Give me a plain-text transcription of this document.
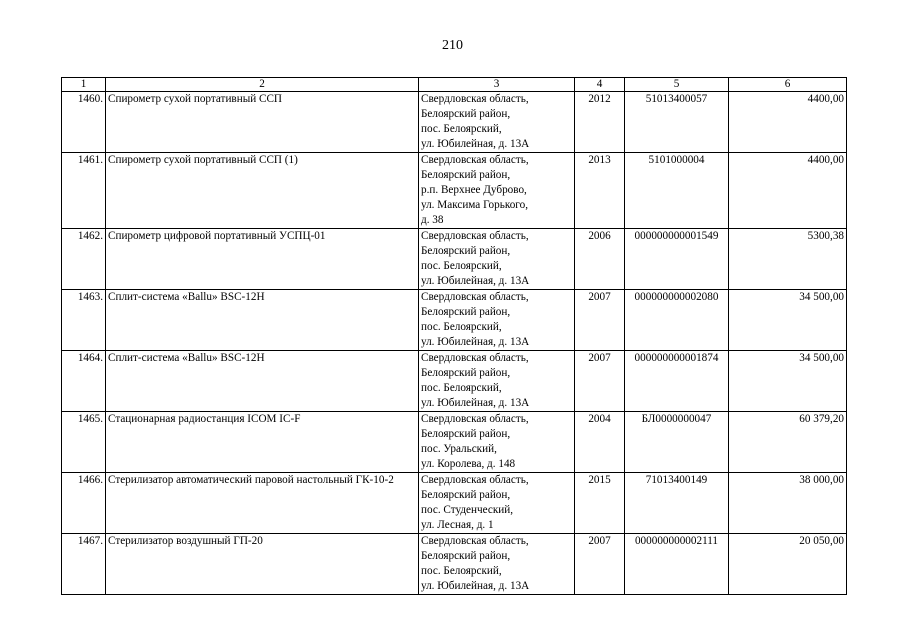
210
1	2	3	4	5	6
1460.	Спирометр сухой портативный ССП	Свердловская область,
Белоярский район,
пос. Белоярский,
ул. Юбилейная, д. 13А	2012	51013400057	4400,00
1461.	Спирометр сухой портативный ССП (1)	Свердловская область,
Белоярский район,
р.п. Верхнее Дуброво,
ул. Максима Горького,
д. 38	2013	5101000004	4400,00
1462.	Спирометр цифровой портативный УСПЦ-01	Свердловская область,
Белоярский район,
пос. Белоярский,
ул. Юбилейная, д. 13А	2006	000000000001549	5300,38
1463.	Сплит-система «Ballu» BSC-12H	Свердловская область,
Белоярский район,
пос. Белоярский,
ул. Юбилейная, д. 13А	2007	000000000002080	34 500,00
1464.	Сплит-система «Ballu» BSC-12H	Свердловская область,
Белоярский район,
пос. Белоярский,
ул. Юбилейная, д. 13А	2007	000000000001874	34 500,00
1465.	Стационарная радиостанция ICOM IC-F	Свердловская область,
Белоярский район,
пос. Уральский,
ул. Королева, д. 148	2004	БЛ0000000047	60 379,20
1466.	Стерилизатор автоматический паровой настольный ГК-10-2	Свердловская область,
Белоярский район,
пос. Студенческий,
ул. Лесная, д. 1	2015	71013400149	38 000,00
1467.	Стерилизатор воздушный ГП-20	Свердловская область,
Белоярский район,
пос. Белоярский,
ул. Юбилейная, д. 13А	2007	000000000002111	20 050,00
